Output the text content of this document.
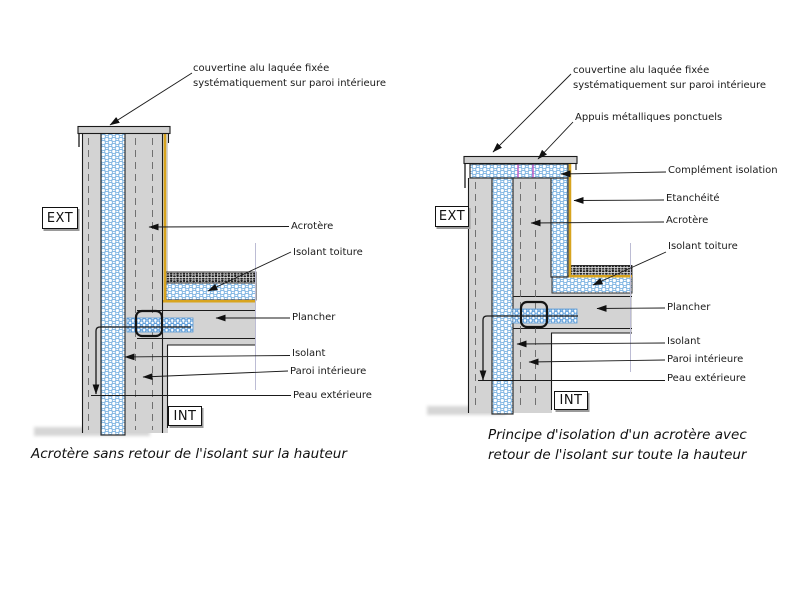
couvertine alu laquée fixée
systématiquement sur paroi intérieure
Acrotère
Isolant toiture
Plancher
Isolant
Paroi intérieure
Peau extérieure
EXT
INT
Acrotère sans retour de l'isolant sur la hauteur
couvertine alu laquée fixée
systématiquement sur paroi intérieure
Appuis métalliques ponctuels
Complément isolation
Etanchéité
Acrotère
Isolant toiture
Plancher
Isolant
Paroi intérieure
Peau extérieure
EXT
INT
Principe d'isolation d'un acrotère avec
retour de l'isolant sur toute la hauteur
